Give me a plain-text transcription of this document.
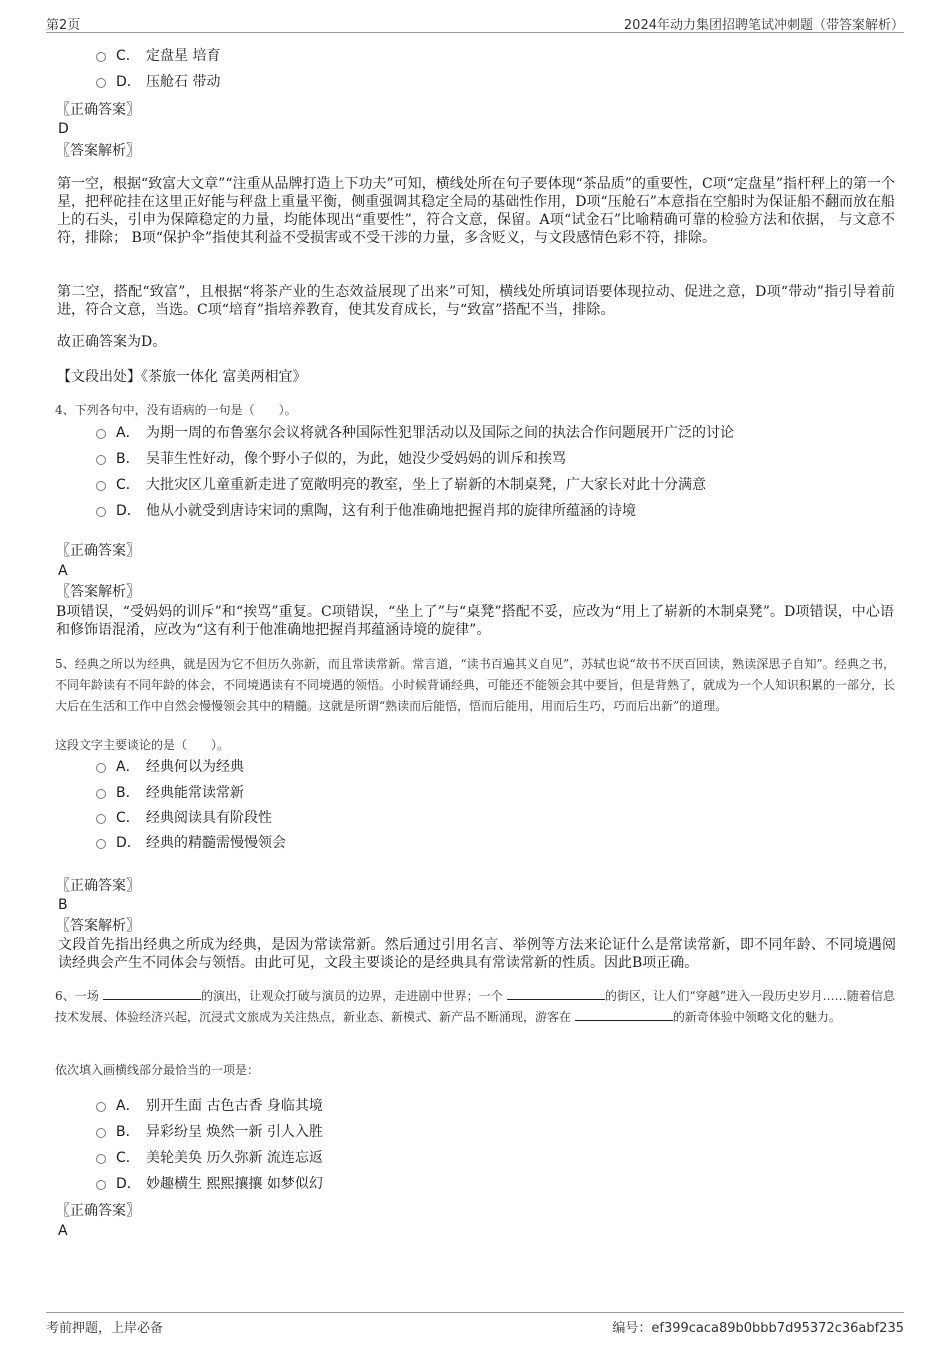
第2页	2024年动力集团招聘笔试冲刺题（带答案解析）
C． 定盘星 培育
D． 压舱石 带动
〖正确答案〗
D
〖答案解析〗
第一空，根据“致富大文章”“注重从品牌打造上下功夫”可知，横线处所在句子要体现“茶品质”的重要性，C项“定盘星”指杆秤上的第一个星，把秤砣挂在这里正好能与秤盘上重量平衡，侧重强调其稳定全局的基础性作用，D项“压舱石”本意指在空船时为保证船不翻而放在船上的石头，引申为保障稳定的力量，均能体现出“重要性”，符合文意，保留。A项“试金石”比喻精确可靠的检验方法和依据， 与文意不符，排除； B项“保护伞”指使其利益不受损害或不受干涉的力量，多含贬义，与文段感情色彩不符，排除。
第二空，搭配“致富”，且根据“将茶产业的生态效益展现了出来”可知，横线处所填词语要体现拉动、促进之意，D项“带动”指引导着前进，符合文意，当选。C项“培育”指培养教育，使其发育成长，与“致富”搭配不当，排除。
故正确答案为D。
【文段出处】《茶旅一体化 富美两相宜》
4、下列各句中，没有语病的一句是（　　）。
A． 为期一周的布鲁塞尔会议将就各种国际性犯罪活动以及国际之间的执法合作问题展开广泛的讨论
B． 吴菲生性好动，像个野小子似的，为此，她没少受妈妈的训斥和挨骂
C． 大批灾区儿童重新走进了宽敞明亮的教室，坐上了崭新的木制桌凳，广大家长对此十分满意
D． 他从小就受到唐诗宋词的熏陶，这有利于他准确地把握肖邦的旋律所蕴涵的诗境
〖正确答案〗
A
〖答案解析〗
B项错误，“受妈妈的训斥”和“挨骂”重复。C项错误，“坐上了”与“桌凳”搭配不妥，应改为“用上了崭新的木制桌凳”。D项错误，中心语和修饰语混淆，应改为“这有利于他准确地把握肖邦蕴涵诗境的旋律”。
5、经典之所以为经典，就是因为它不但历久弥新，而且常读常新。常言道，“读书百遍其义自见”，苏轼也说“故书不厌百回读，熟读深思子自知”。经典之书，不同年龄读有不同年龄的体会，不同境遇读有不同境遇的领悟。小时候背诵经典，可能还不能领会其中要旨，但是背熟了，就成为一个人知识积累的一部分，长大后在生活和工作中自然会慢慢领会其中的精髓。这就是所谓“熟读而后能悟，悟而后能用，用而后生巧，巧而后出新”的道理。
这段文字主要谈论的是（　　）。
A． 经典何以为经典
B． 经典能常读常新
C． 经典阅读具有阶段性
D． 经典的精髓需慢慢领会
〖正确答案〗
B
〖答案解析〗
文段首先指出经典之所成为经典，是因为常读常新。然后通过引用名言、举例等方法来论证什么是常读常新，即不同年龄、不同境遇阅读经典会产生不同体会与领悟。由此可见，文段主要谈论的是经典具有常读常新的性质。因此B项正确。
6、一场	的演出，让观众打破与演员的边界，走进剧中世界；一个	的街区，让人们“穿越”进入一段历史岁月……随着信息技术发展、体验经济兴起，沉浸式文旅成为关注热点，新业态、新模式、新产品不断涌现，游客在	的新奇体验中领略文化的魅力。
依次填入画横线部分最恰当的一项是：
A． 别开生面 古色古香 身临其境
B． 异彩纷呈 焕然一新 引人入胜
C． 美轮美奂 历久弥新 流连忘返
D． 妙趣横生 熙熙攘攘 如梦似幻
〖正确答案〗
A
考前押题，上岸必备	编号：ef399caca89b0bbb7d95372c36abf235
